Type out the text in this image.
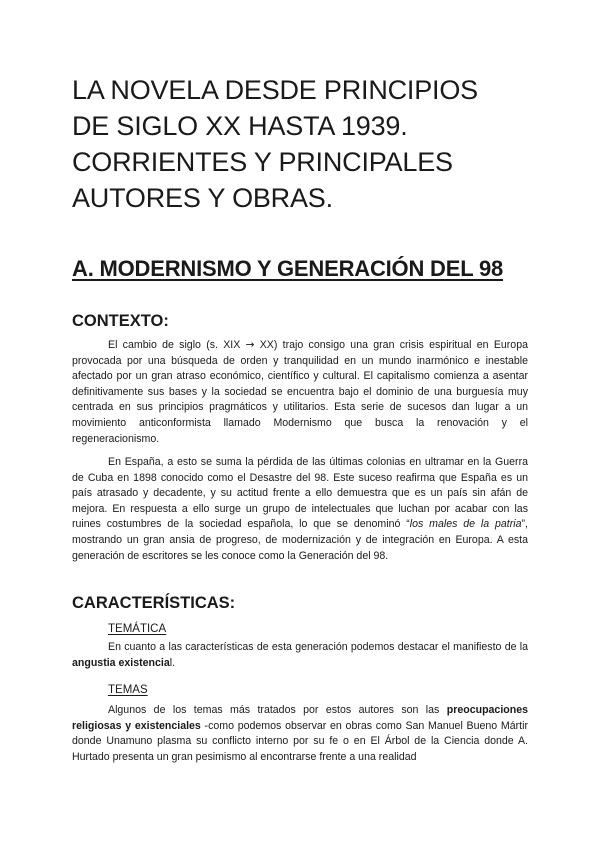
LA NOVELA DESDE PRINCIPIOS
DE SIGLO XX HASTA 1939.
CORRIENTES Y PRINCIPALES
AUTORES Y OBRAS.
A. MODERNISMO Y GENERACIÓN DEL 98
CONTEXTO:

El cambio de siglo (s. XIX → XX) trajo consigo una gran crisis espiritual en Europa provocada por una búsqueda de orden y tranquilidad en un mundo inarmónico e inestable afectado por un gran atraso económico, científico y cultural. El capitalismo comienza a asentar definitivamente sus bases y la sociedad se encuentra bajo el dominio de una burguesía muy centrada en sus principios pragmáticos y utilitarios. Esta serie de sucesos dan lugar a un movimiento anticonformista llamado Modernismo que busca la renovación y el regeneracionismo.

En España, a esto se suma la pérdida de las últimas colonias en ultramar en la Guerra de Cuba en 1898 conocido como el Desastre del 98. Este suceso reafirma que España es un país atrasado y decadente, y su actitud frente a ello demuestra que es un país sin afán de mejora. En respuesta a ello surge un grupo de intelectuales que luchan por acabar con las ruines costumbres de la sociedad española, lo que se denominó “los males de la patria”, mostrando un gran ansia de progreso, de modernización y de integración en Europa. A esta generación de escritores se les conoce como la Generación del 98.

CARACTERÍSTICAS:
TEMÁTICA

En cuanto a las características de esta generación podemos destacar el manifiesto de la angustia existencial.

TEMAS

Algunos de los temas más tratados por estos autores son las preocupaciones religiosas y existenciales -como podemos observar en obras como San Manuel Bueno Mártir donde Unamuno plasma su conflicto interno por su fe o en El Árbol de la Ciencia donde A. Hurtado presenta un gran pesimismo al encontrarse frente a una realidad
